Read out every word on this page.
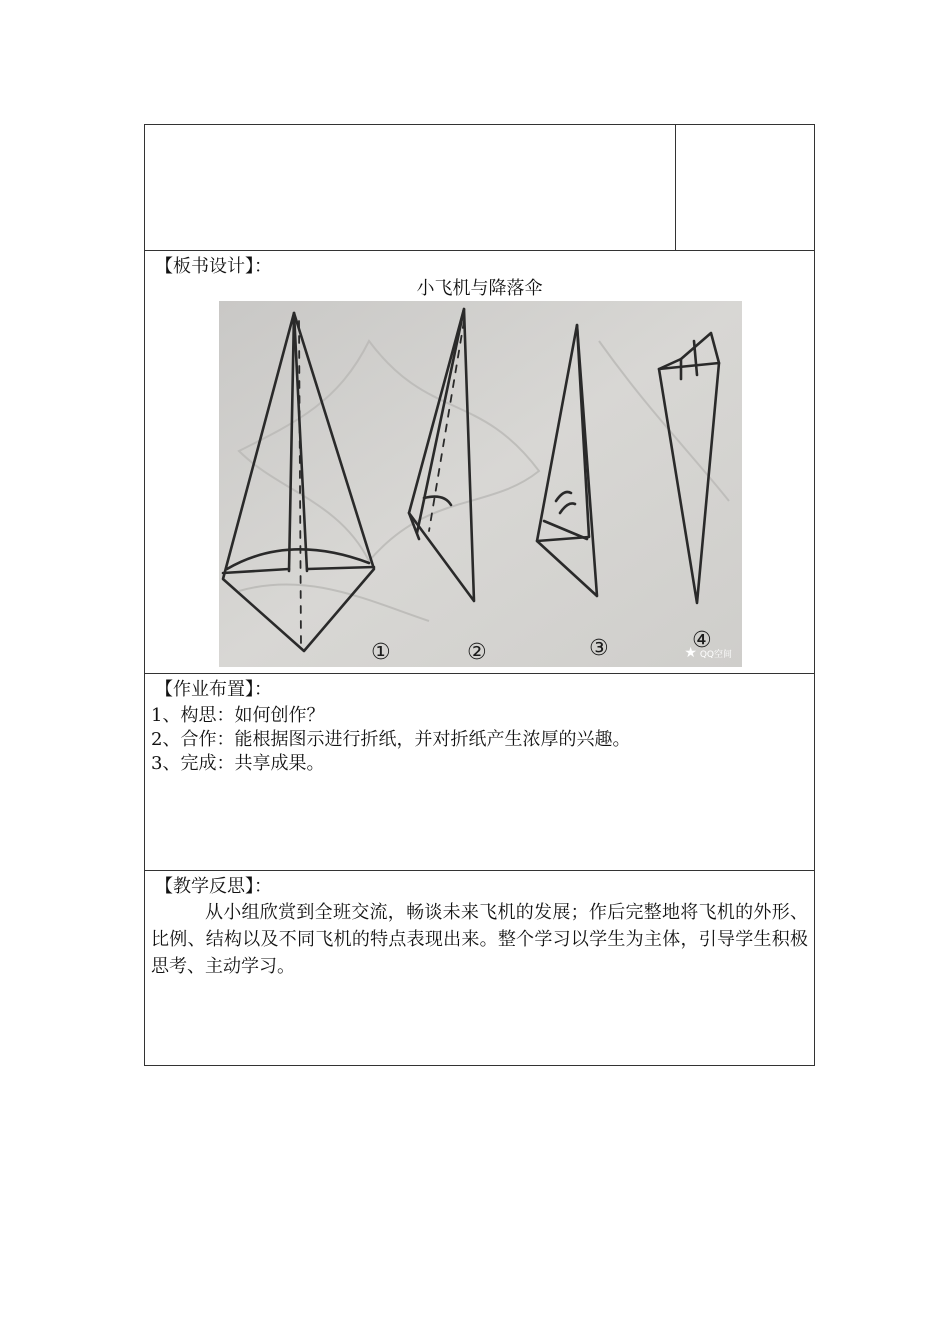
【板书设计】：
小飞机与降落伞
①	②	③	④
★ QQ空间
【作业布置】：
1、构思：如何创作？
2、合作：能根据图示进行折纸，并对折纸产生浓厚的兴趣。
3、完成：共享成果。
【教学反思】：
从小组欣赏到全班交流，畅谈未来飞机的发展；作后完整地将飞机的外形、比例、结构以及不同飞机的特点表现出来。整个学习以学生为主体，引导学生积极思考、主动学习。
